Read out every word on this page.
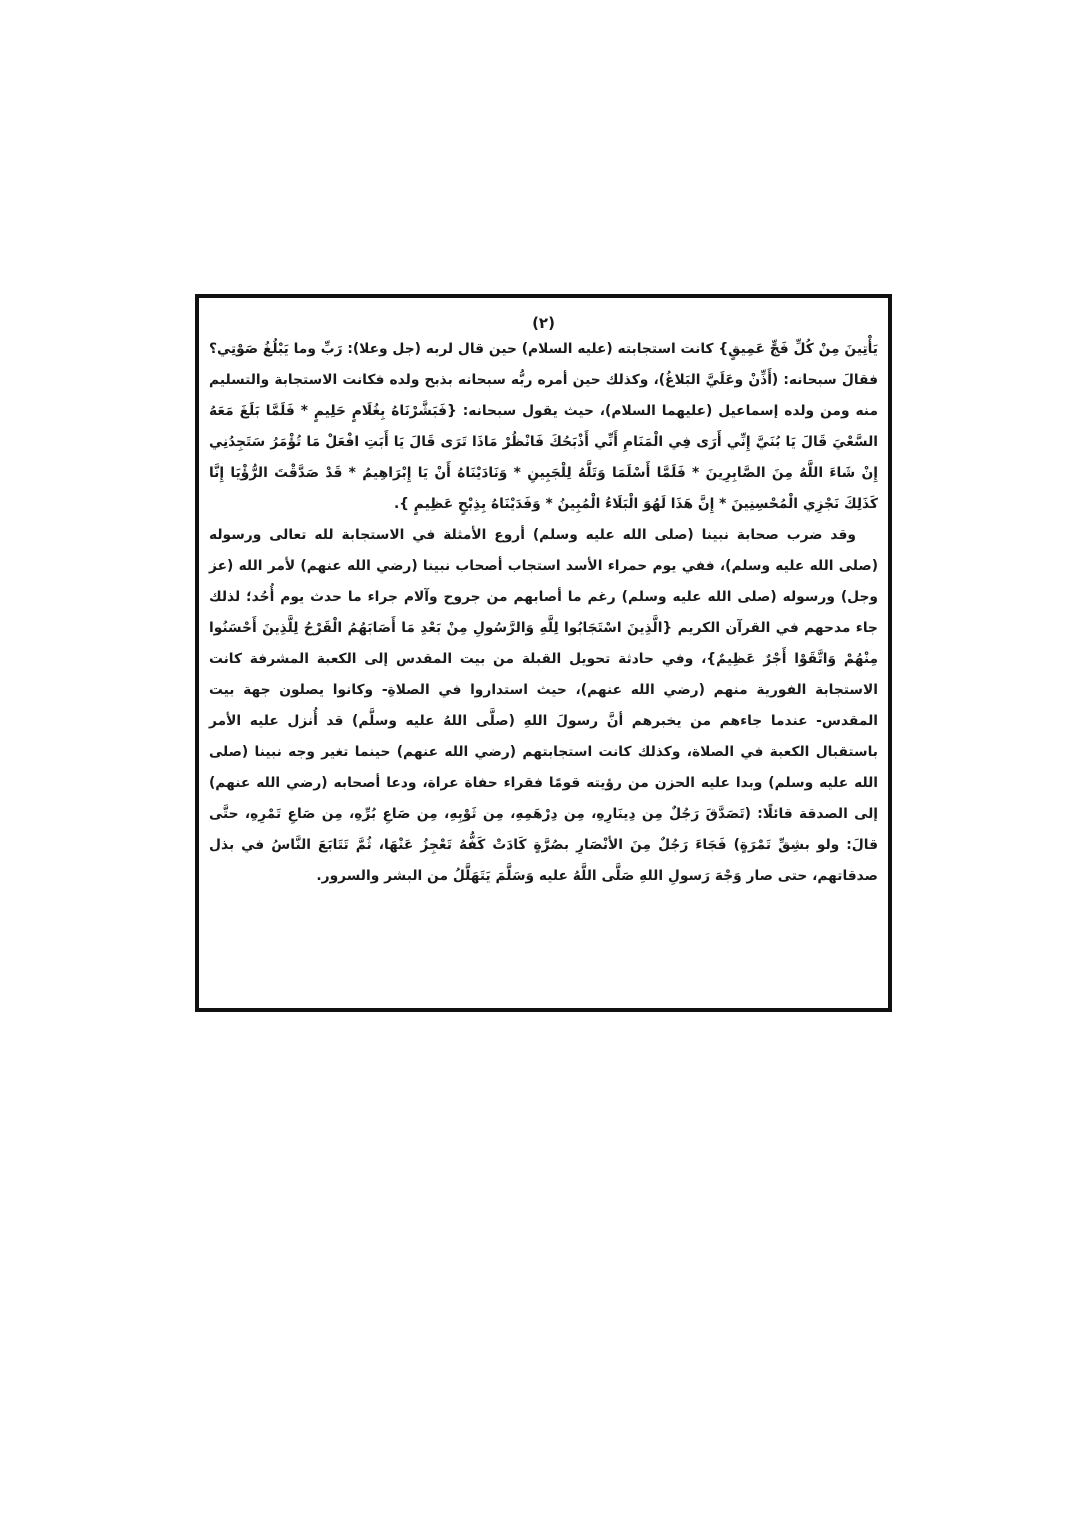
(٢)

يَأْتِينَ مِنْ كُلِّ فَجٍّ عَمِيقٍ} كانت استجابته (عليه السلام) حين قال لربه (جل وعلا): رَبِّ وما يَبْلُغُ صَوْتِي؟ فقالَ سبحانه: (أَذِّنْ وعَلَيَّ البَلاغُ)، وكذلك حين أمره ربُّه سبحانه بذبح ولده فكانت الاستجابة والتسليم منه ومن ولده إسماعيل (عليهما السلام)، حيث يقول سبحانه: {فَبَشَّرْنَاهُ بِغُلَامٍ حَلِيمٍ * فَلَمَّا بَلَغَ مَعَهُ السَّعْيَ قَالَ يَا بُنَيَّ إِنِّي أَرَى فِي الْمَنَامِ أَنِّي أَذْبَحُكَ فَانْظُرْ مَاذَا تَرَى قَالَ يَا أَبَتِ افْعَلْ مَا تُؤْمَرُ سَتَجِدُنِي إِنْ شَاءَ اللَّهُ مِنَ الصَّابِرِينَ * فَلَمَّا أَسْلَمَا وَتَلَّهُ لِلْجَبِينِ * وَنَادَيْنَاهُ أَنْ يَا إِبْرَاهِيمُ * قَدْ صَدَّقْتَ الرُّؤْيَا إِنَّا كَذَلِكَ نَجْزِي الْمُحْسِنِينَ * إِنَّ هَذَا لَهُوَ الْبَلَاءُ الْمُبِينُ * وَفَدَيْنَاهُ بِذِبْحٍ عَظِيمٍ }.

وقد ضرب صحابة نبينا (صلى الله عليه وسلم) أروع الأمثلة في الاستجابة لله تعالى ورسوله (صلى الله عليه وسلم)، ففي يوم حمراء الأسد استجاب أصحاب نبينا (رضي الله عنهم) لأمر الله (عز وجل) ورسوله (صلى الله عليه وسلم) رغم ما أصابهم من جروح وآلام جراء ما حدث يوم أُحُد؛ لذلك جاء مدحهم في القرآن الكريم {الَّذِينَ اسْتَجَابُوا لِلَّهِ وَالرَّسُولِ مِنْ بَعْدِ مَا أَصَابَهُمُ الْقَرْحُ لِلَّذِينَ أَحْسَنُوا مِنْهُمْ وَاتَّقَوْا أَجْرٌ عَظِيمٌ}، وفي حادثة تحويل القبلة من بيت المقدس إلى الكعبة المشرفة كانت الاستجابة الفورية منهم (رضي الله عنهم)، حيث استداروا في الصلاةِ- وكانوا يصلون جهة بيت المقدس- عندما جاءهم من يخبرهم أنَّ رسولَ اللهِ (صلَّى اللهُ عليه وسلَّم) قد أُنزل عليه الأمر باستقبال الكعبة في الصلاة، وكذلك كانت استجابتهم (رضي الله عنهم) حينما تغير وجه نبينا (صلى الله عليه وسلم) وبدا عليه الحزن من رؤيته قومًا فقراء حفاة عراة، ودعا أصحابه (رضي الله عنهم) إلى الصدقة قائلًا: (تَصَدَّقَ رَجُلٌ مِن دِينَارِهِ، مِن دِرْهَمِهِ، مِن ثَوْبِهِ، مِن صَاعِ بُرِّهِ، مِن صَاعِ تَمْرِهِ، حتَّى قالَ: ولو بشِقِّ تَمْرَةٍ) فَجَاءَ رَجُلٌ مِنَ الأنْصَارِ بصُرَّةٍ كَادَتْ كَفُّهُ تَعْجِزُ عَنْهَا، ثُمَّ تَتَابَعَ النَّاسُ في بذل صدقاتهم، حتى صار وَجْهَ رَسولِ اللهِ صَلَّى اللَّهُ عليه وَسَلَّمَ يَتَهَلَّلُ من البشر والسرور.
